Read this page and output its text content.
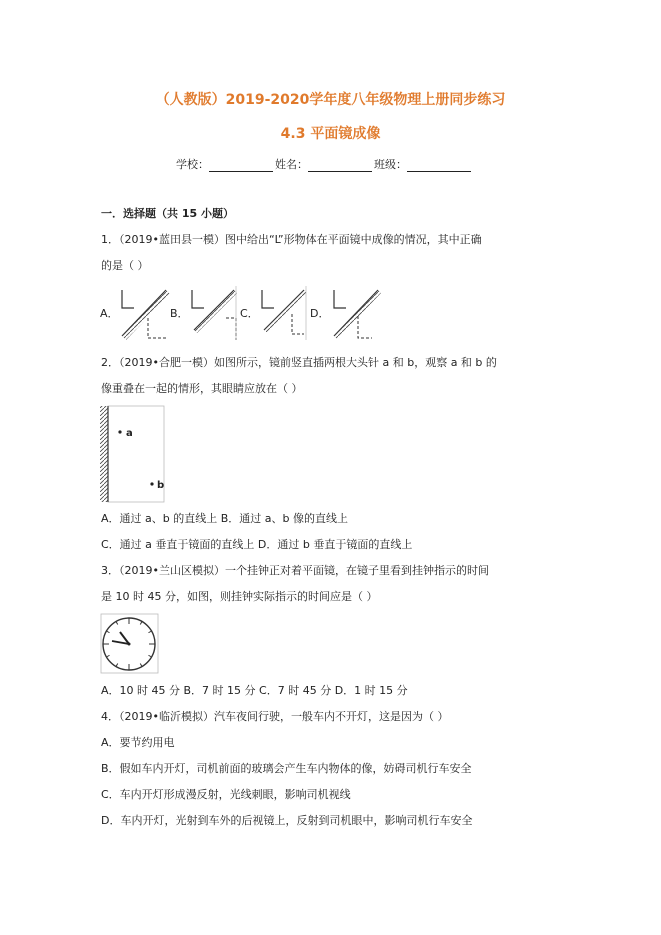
（人教版）2019-2020学年度八年级物理上册同步练习
4.3 平面镜成像
学校：	姓名：	班级：
一．选择题（共 15 小题）
1．（2019•蓝田县一模）图中给出“L”形物体在平面镜中成像的情况，其中正确
的是（ ）
A．	B．	C．	D．
2．（2019•合肥一模）如图所示，镜前竖直插两根大头针 a 和 b，观察 a 和 b 的
像重叠在一起的情形，其眼睛应放在（ ）
a
b
A．通过 a、b 的直线上 B．通过 a、b 像的直线上
C．通过 a 垂直于镜面的直线上 D．通过 b 垂直于镜面的直线上
3．（2019•兰山区模拟）一个挂钟正对着平面镜，在镜子里看到挂钟指示的时间
是 10 时 45 分，如图，则挂钟实际指示的时间应是（ ）
A．10 时 45 分 B．7 时 15 分 C．7 时 45 分 D．1 时 15 分
4．（2019•临沂模拟）汽车夜间行驶，一般车内不开灯，这是因为（ ）
A．要节约用电
B．假如车内开灯，司机前面的玻璃会产生车内物体的像，妨碍司机行车安全
C．车内开灯形成漫反射，光线刺眼，影响司机视线
D．车内开灯，光射到车外的后视镜上，反射到司机眼中，影响司机行车安全
